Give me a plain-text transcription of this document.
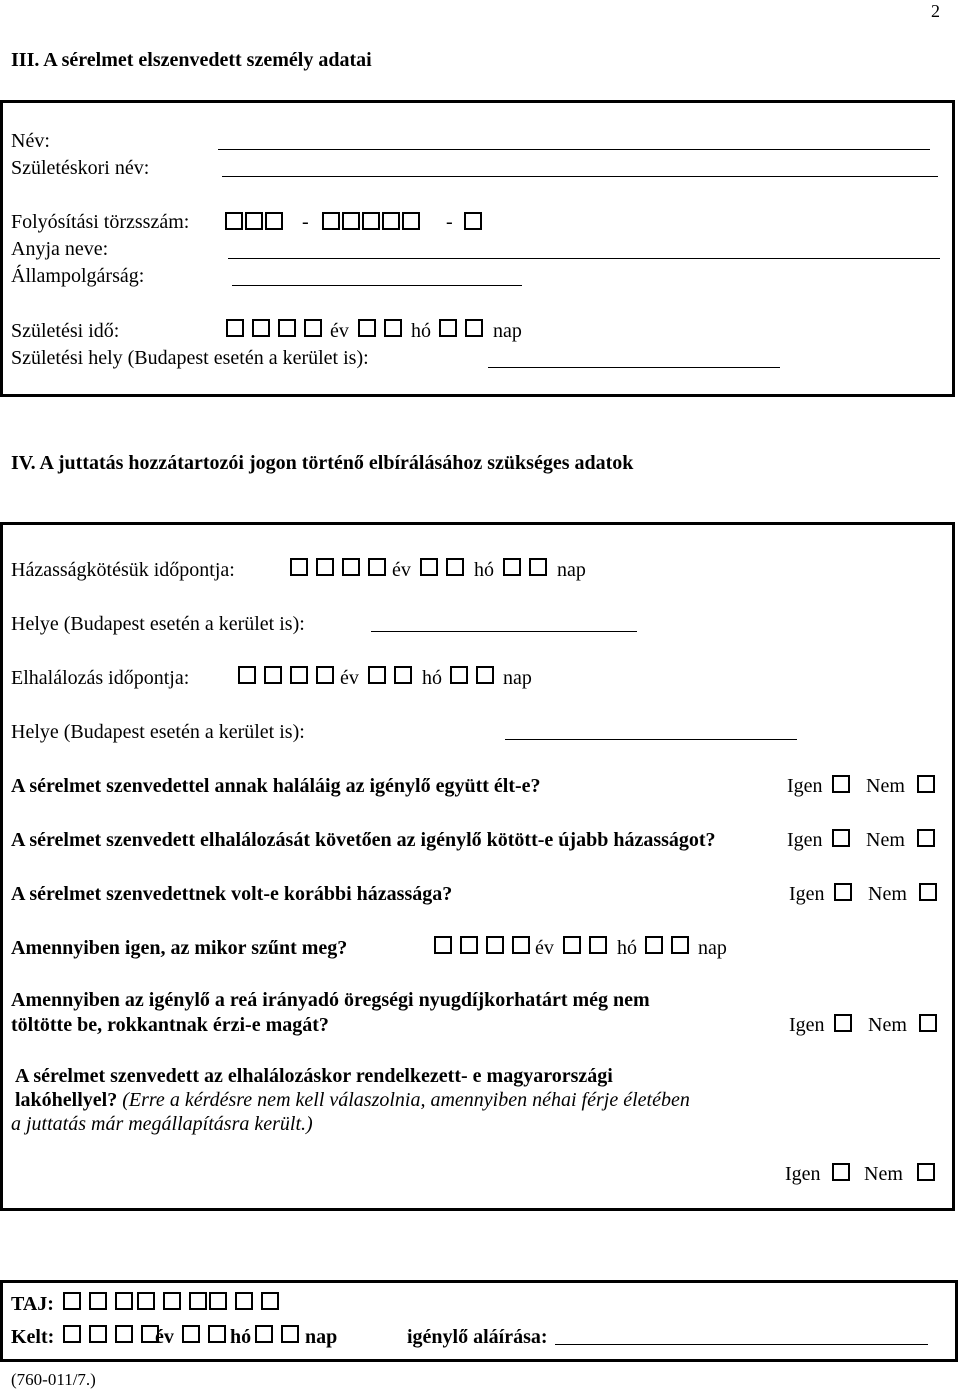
2
III. A sérelmet elszenvedett személy adatai
Név:
Születéskori név:
Folyósítási törzsszám:	-	-
Anyja neve:
Állampolgárság:
Születési idő:	év	hó	nap
Születési hely (Budapest esetén a kerület is):
IV. A juttatás hozzátartozói jogon történő elbírálásához szükséges adatok
Házasságkötésük időpontja:	év	hó	nap
Helye (Budapest esetén a kerület is):
Elhalálozás időpontja:	év	hó	nap
Helye (Budapest esetén a kerület is):
A sérelmet szenvedettel annak haláláig az igénylő együtt élt-e?	Igen Nem
A sérelmet szenvedett elhalálozását követően az igénylő kötött-e újabb házasságot?	Igen Nem
A sérelmet szenvedettnek volt-e korábbi házassága?	Igen Nem
Amennyiben igen, az mikor szűnt meg?	év	hó	nap
Amennyiben az igénylő a reá irányadó öregségi nyugdíjkorhatárt még nem
töltötte be, rokkantnak érzi-e magát?	Igen Nem
A sérelmet szenvedett az elhalálozáskor rendelkezett- e magyarországi
lakóhellyel? (Erre a kérdésre nem kell válaszolnia, amennyiben néhai férje életében
a juttatás már megállapításra került.)
Igen Nem
TAJ:
Kelt:	év	hó	nap	igénylő aláírása:
(760-011/7.)
